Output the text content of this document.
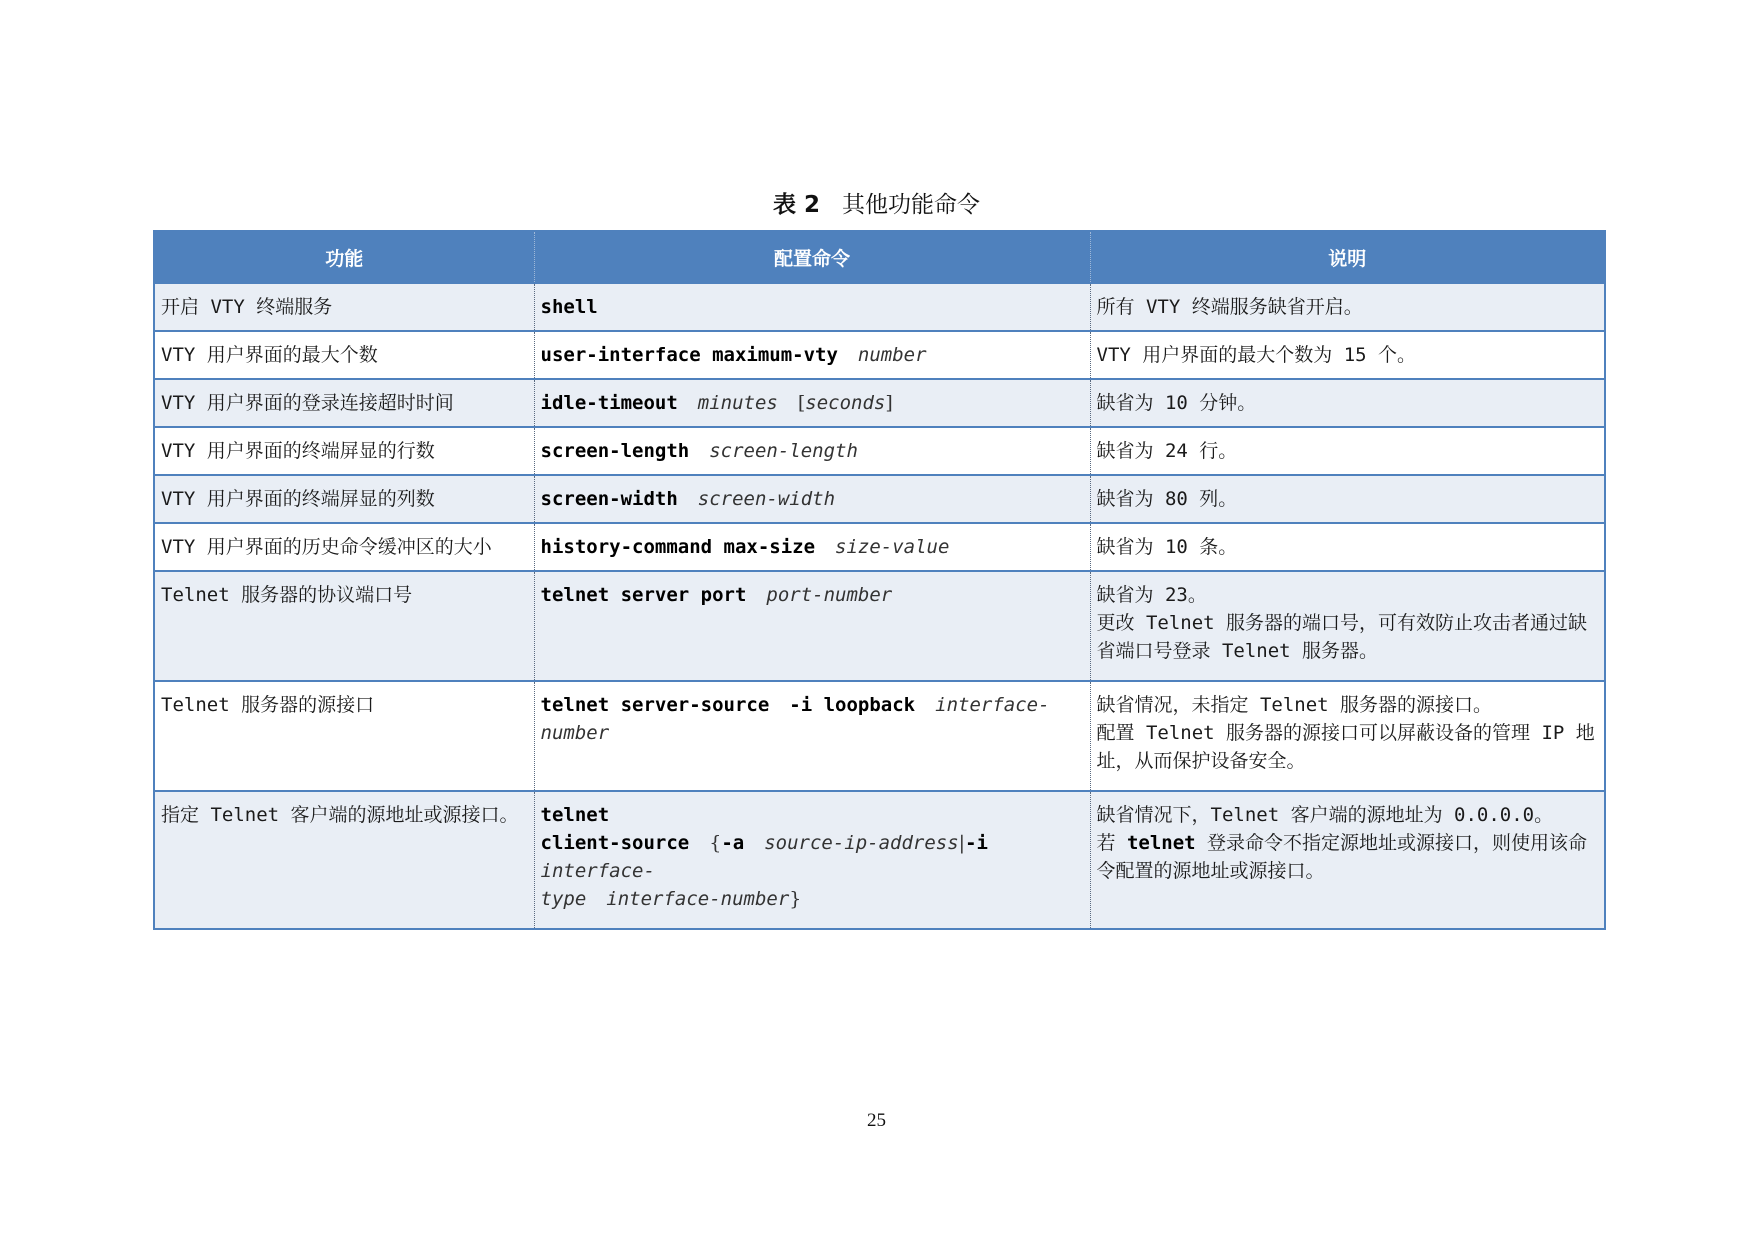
表 2 其他功能命令
功能	配置命令	说明
开启 VTY 终端服务	shell	所有 VTY 终端服务缺省开启。
VTY 用户界面的最大个数	user-interface maximum-vty number	VTY 用户界面的最大个数为 15 个。
VTY 用户界面的登录连接超时时间	idle-timeout minutes [seconds]	缺省为 10 分钟。
VTY 用户界面的终端屏显的行数	screen-length screen-length	缺省为 24 行。
VTY 用户界面的终端屏显的列数	screen-width screen-width	缺省为 80 列。
VTY 用户界面的历史命令缓冲区的大小	history-command max-size size-value	缺省为 10 条。
Telnet 服务器的协议端口号	telnet server port port-number	缺省为 23。
更改 Telnet 服务器的端口号，可有效防止攻击者通过缺省端口号登录 Telnet 服务器。

Telnet 服务器的源接口	telnet server-source -i loopback interface-number	缺省情况，未指定 Telnet 服务器的源接口。
配置 Telnet 服务器的源接口可以屏蔽设备的管理 IP 地址，从而保护设备安全。

指定 Telnet 客户端的源地址或源接口。	telnet
client-source {-a source-ip-address|-iinterface-
type interface-number}	缺省情况下，Telnet 客户端的源地址为 0.0.0.0。
若 telnet 登录命令不指定源地址或源接口，则使用该命令配置的源地址或源接口。
25
